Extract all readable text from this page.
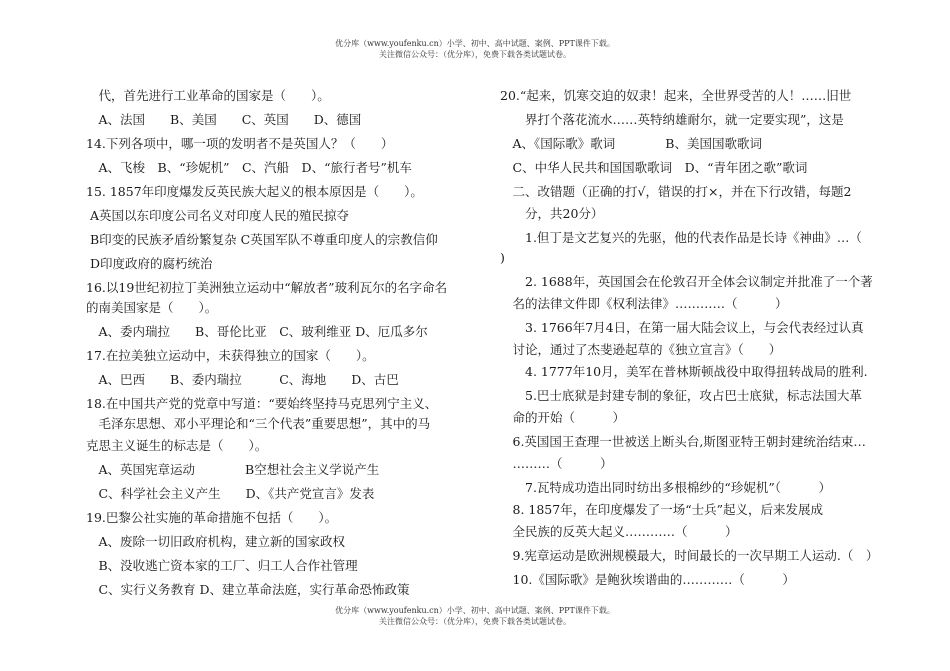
优分库（www.youfenku.cn）小学、初中、高中试题、案例、PPT课件下载。
关注微信公众号：（优分库），免费下载各类试题试卷。
　代，首先进行工业革命的国家是（　　）。
　A、法国　　B、美国　　C、英国　　D、德国
14.下列各项中，哪一项的发明者不是英国人？（　　）
　A、飞梭　B、“珍妮机”　C、汽船　D、“旅行者号”机车
15. 1857年印度爆发反英民族大起义的根本原因是（　　）。
A英国以东印度公司名义对印度人民的殖民掠夺
B印变的民族矛盾纷繁复杂 C英国军队不尊重印度人的宗教信仰
D印度政府的腐朽统治
16.以19世纪初拉丁美洲独立运动中“解放者”玻利瓦尔的名字命名
的南美国家是（　　）。
　A、委内瑞拉　　B、哥伦比亚　C、玻利维亚 D、厄瓜多尔
17.在拉美独立运动中，未获得独立的国家（　　）。
　A、巴西　　B、委内瑞拉　　　C、海地　　D、古巴
18.在中国共产党的党章中写道：“要始终坚持马克思列宁主义、
　毛泽东思想、邓小平理论和“三个代表”重要思想”，其中的马
克思主义诞生的标志是（　　）。
　A、英国宪章运动　　　　B空想社会主义学说产生
　C、科学社会主义产生　　D、《共产党宣言》发表
19.巴黎公社实施的革命措施不包括（　　）。
　A、废除一切旧政府机构，建立新的国家政权
　B、没收逃亡资本家的工厂、归工人合作社管理
　C、实行义务教育 D、建立革命法庭，实行革命恐怖政策
20.“起来，饥寒交迫的奴隶！起来，全世界受苦的人！……旧世
　　界打个落花流水……英特纳雄耐尔，就一定要实现”，这是
　A、《国际歌》歌词　　　　B、美国国歌歌词
　C、中华人民共和国国歌歌词　D、“青年团之歌”歌词
　二、改错题（正确的打√，错误的打×，并在下行改错，每题2
　　分，共20分）
　　1.但丁是文艺复兴的先驱，他的代表作品是长诗《神曲》…（
)
　　2. 1688年，英国国会在伦敦召开全体会议制定并批准了一个著
　名的法律文件即《权利法律》…………（　　　）
　　3. 1766年7月4日，在第一届大陆会议上，与会代表经过认真
　讨论，通过了杰斐逊起草的《独立宣言》（　　）
　　4. 1777年10月，美军在普林斯顿战役中取得扭转战局的胜利.
　　5.巴士底狱是封建专制的象征，攻占巴士底狱，标志法国大革
　命的开始（　　　）
　6.英国国王查理一世被送上断头台,斯图亚特王朝封建统治结束…
　………（　　　）
　　7.瓦特成功造出同时纺出多根棉纱的“珍妮机”（　　　）
　8. 1857年，在印度爆发了一场“士兵”起义，后来发展成
　全民族的反英大起义…………（　　　）
　9.宪章运动是欧洲规模最大，时间最长的一次早期工人运动.（　）
　10.《国际歌》是鲍狄埃谱曲的…………（　　　）
优分库（www.youfenku.cn）小学、初中、高中试题、案例、PPT课件下载。
关注微信公众号：（优分库），免费下载各类试题试卷。
